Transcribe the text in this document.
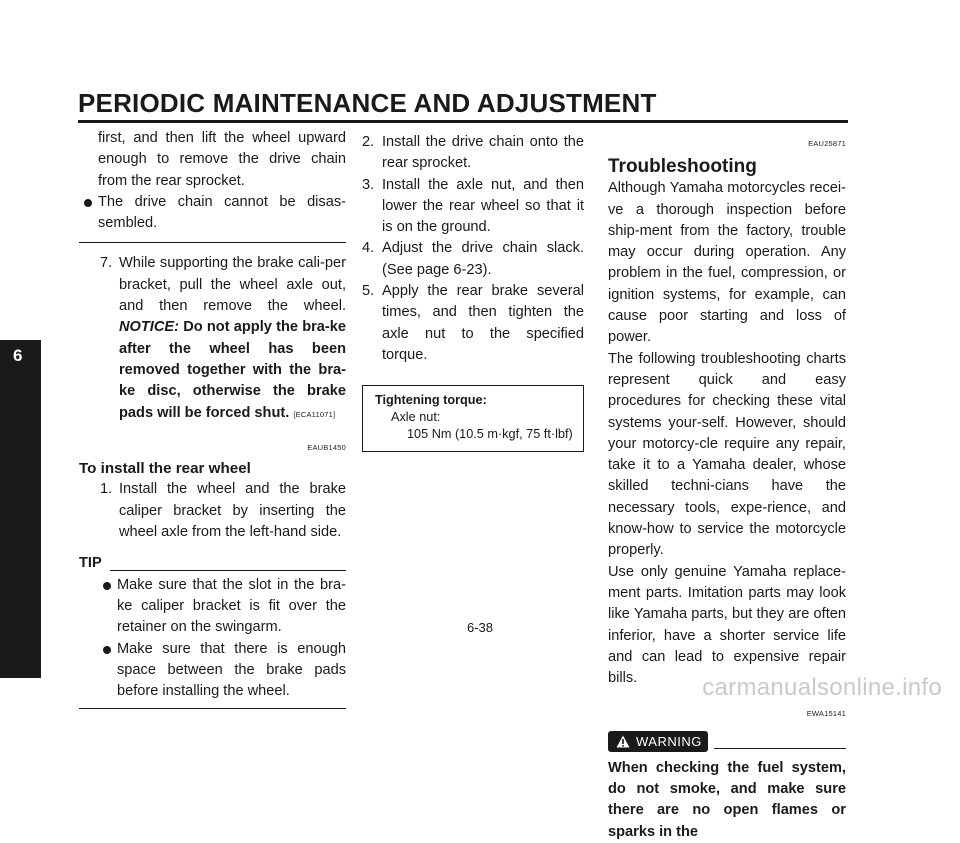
PERIODIC MAINTENANCE AND ADJUSTMENT
6
first, and then lift the wheel upward enough to remove the drive chain from the rear sprocket.
The drive chain cannot be disas-sembled.
7. While supporting the brake cali-per bracket, pull the wheel axle out, and then remove the wheel. NOTICE: Do not apply the bra-ke after the wheel has been removed together with the bra-ke disc, otherwise the brake pads will be forced shut. [ECA11071]
EAUB1450
To install the rear wheel
1. Install the wheel and the brake caliper bracket by inserting the wheel axle from the left-hand side.
TIP
Make sure that the slot in the bra-ke caliper bracket is fit over the retainer on the swingarm.
Make sure that there is enough space between the brake pads before installing the wheel.
2. Install the drive chain onto the rear sprocket.
3. Install the axle nut, and then lower the rear wheel so that it is on the ground.
4. Adjust the drive chain slack. (See page 6-23).
5. Apply the rear brake several times, and then tighten the axle nut to the specified torque.
Tightening torque:
Axle nut:
105 Nm (10.5 m·kgf, 75 ft·lbf)
EAU25871
Troubleshooting
Although Yamaha motorcycles recei-ve a thorough inspection before ship-ment from the factory, trouble may occur during operation. Any problem in the fuel, compression, or ignition systems, for example, can cause poor starting and loss of power.
The following troubleshooting charts represent quick and easy procedures for checking these vital systems your-self. However, should your motorcy-cle require any repair, take it to a Yamaha dealer, whose skilled techni-cians have the necessary tools, expe-rience, and know-how to service the motorcycle properly.
Use only genuine Yamaha replace-ment parts. Imitation parts may look like Yamaha parts, but they are often inferior, have a shorter service life and can lead to expensive repair bills.
EWA15141
WARNING
When checking the fuel system, do not smoke, and make sure there are no open flames or sparks in the
6-38
carmanualsonline.info
